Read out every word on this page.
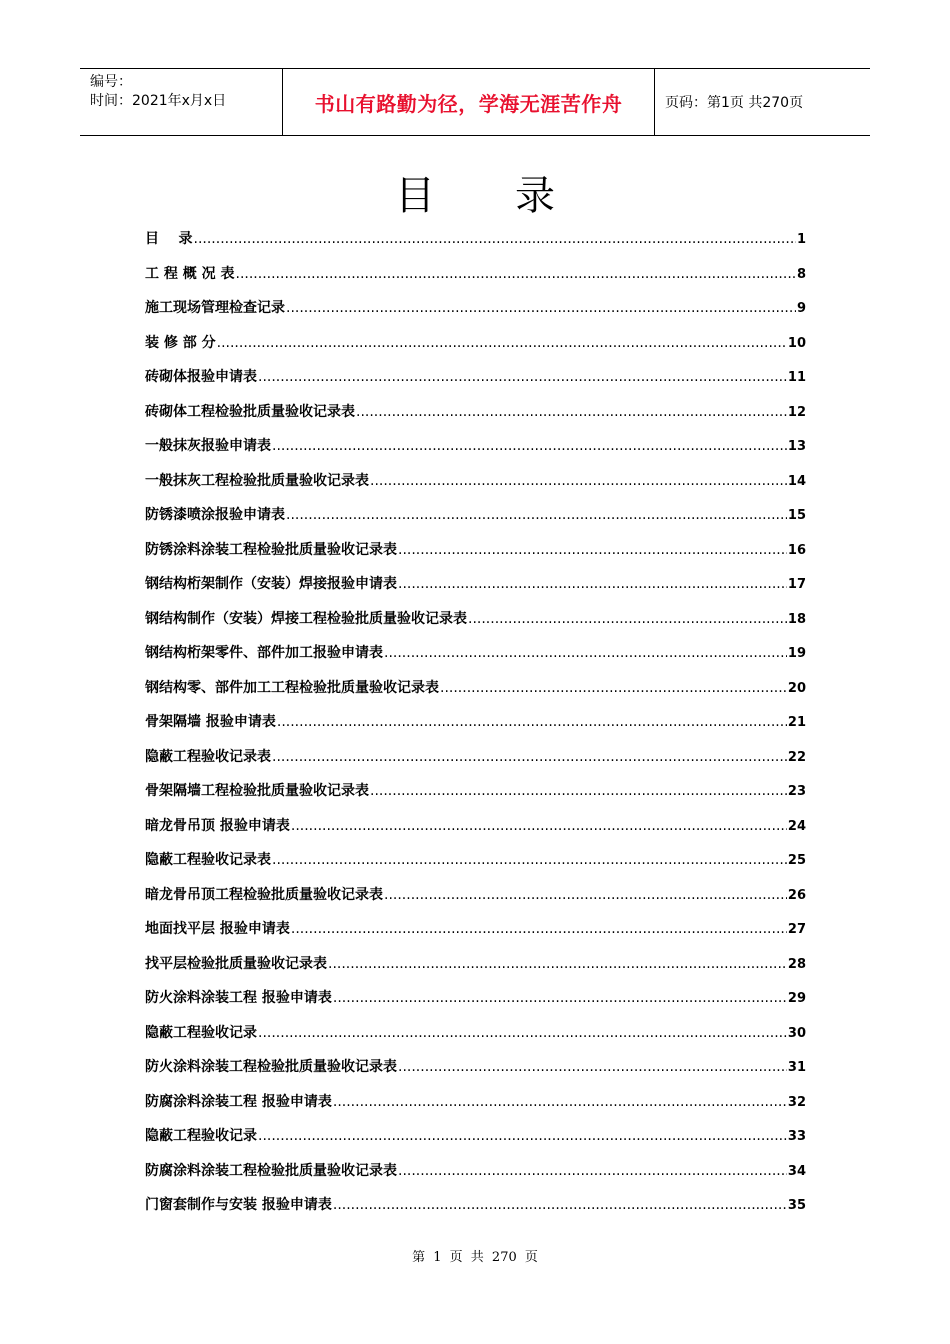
编号：
时间：2021年x月x日	书山有路勤为径，学海无涯苦作舟	页码：第1页 共270页
目录
目    录 .....	1
工 程 概 况 表 .....	8
施工现场管理检查记录 .....	9
装 修 部 分 .....	10
砖砌体报验申请表 .....	11
砖砌体工程检验批质量验收记录表 .....	12
一般抹灰报验申请表 .....	13
一般抹灰工程检验批质量验收记录表 .....	14
防锈漆喷涂报验申请表 .....	15
防锈涂料涂装工程检验批质量验收记录表 .....	16
钢结构桁架制作（安装）焊接报验申请表 .....	17
钢结构制作（安装）焊接工程检验批质量验收记录表 .....	18
钢结构桁架零件、部件加工报验申请表 .....	19
钢结构零、部件加工工程检验批质量验收记录表 .....	20
骨架隔墙 报验申请表 .....	21
隐蔽工程验收记录表 .....	22
骨架隔墙工程检验批质量验收记录表 .....	23
暗龙骨吊顶 报验申请表 .....	24
隐蔽工程验收记录表 .....	25
暗龙骨吊顶工程检验批质量验收记录表 .....	26
地面找平层 报验申请表 .....	27
找平层检验批质量验收记录表 .....	28
防火涂料涂装工程 报验申请表 .....	29
隐蔽工程验收记录 .....	30
防火涂料涂装工程检验批质量验收记录表 .....	31
防腐涂料涂装工程 报验申请表 .....	32
隐蔽工程验收记录 .....	33
防腐涂料涂装工程检验批质量验收记录表 .....	34
门窗套制作与安装 报验申请表 .....	35
第 1 页 共 270 页
